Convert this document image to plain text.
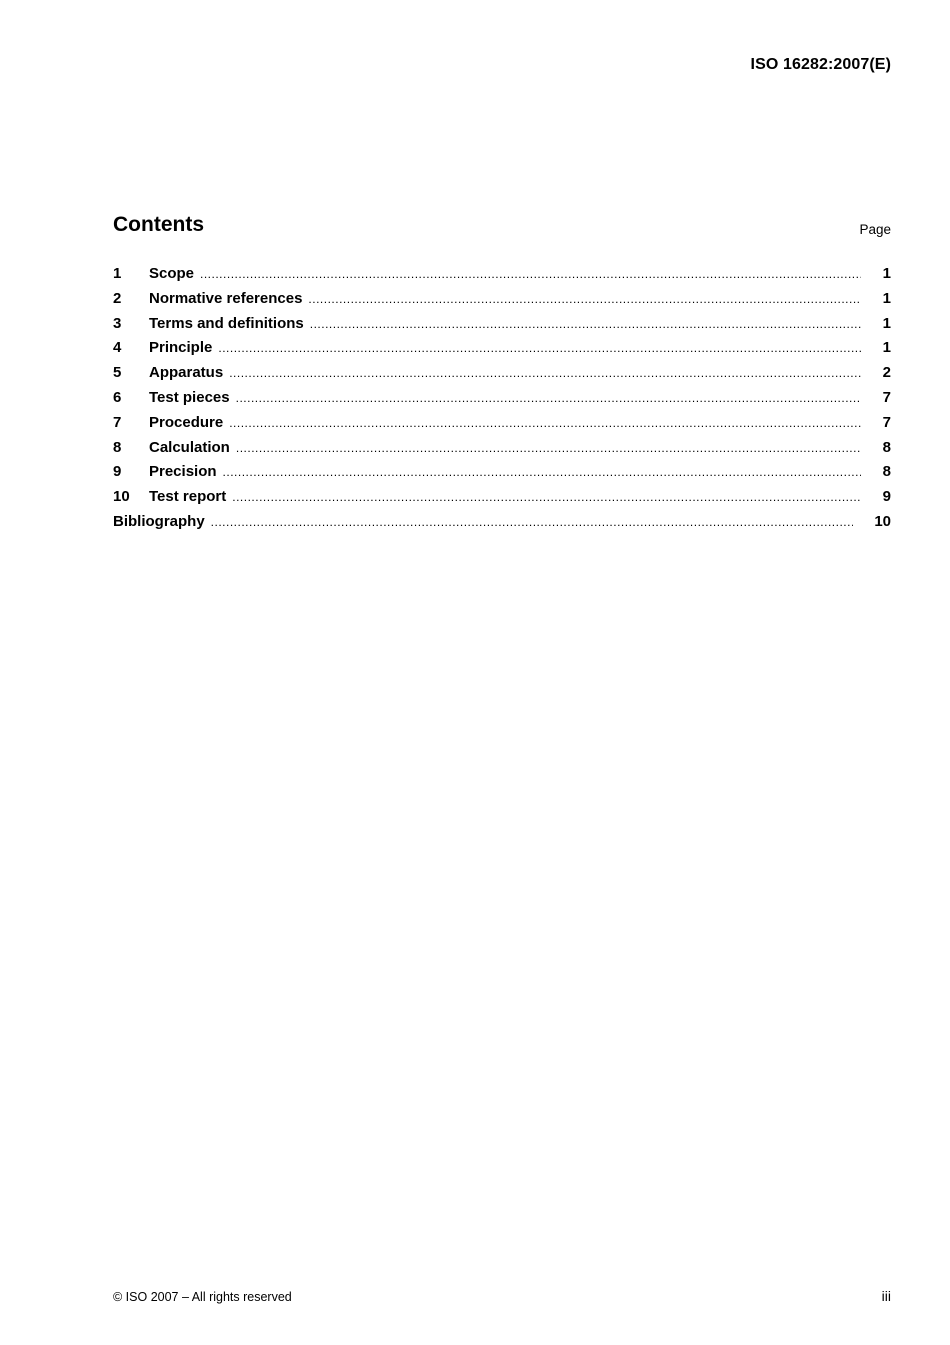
ISO 16282:2007(E)
Contents	Page
1	Scope .....	1
2	Normative references .....	1
3	Terms and definitions .....	1
4	Principle .....	1
5	Apparatus .....	2
6	Test pieces .....	7
7	Procedure .....	7
8	Calculation .....	8
9	Precision .....	8
10	Test report .....	9
Bibliography .....	10
© ISO 2007 – All rights reserved	iii
